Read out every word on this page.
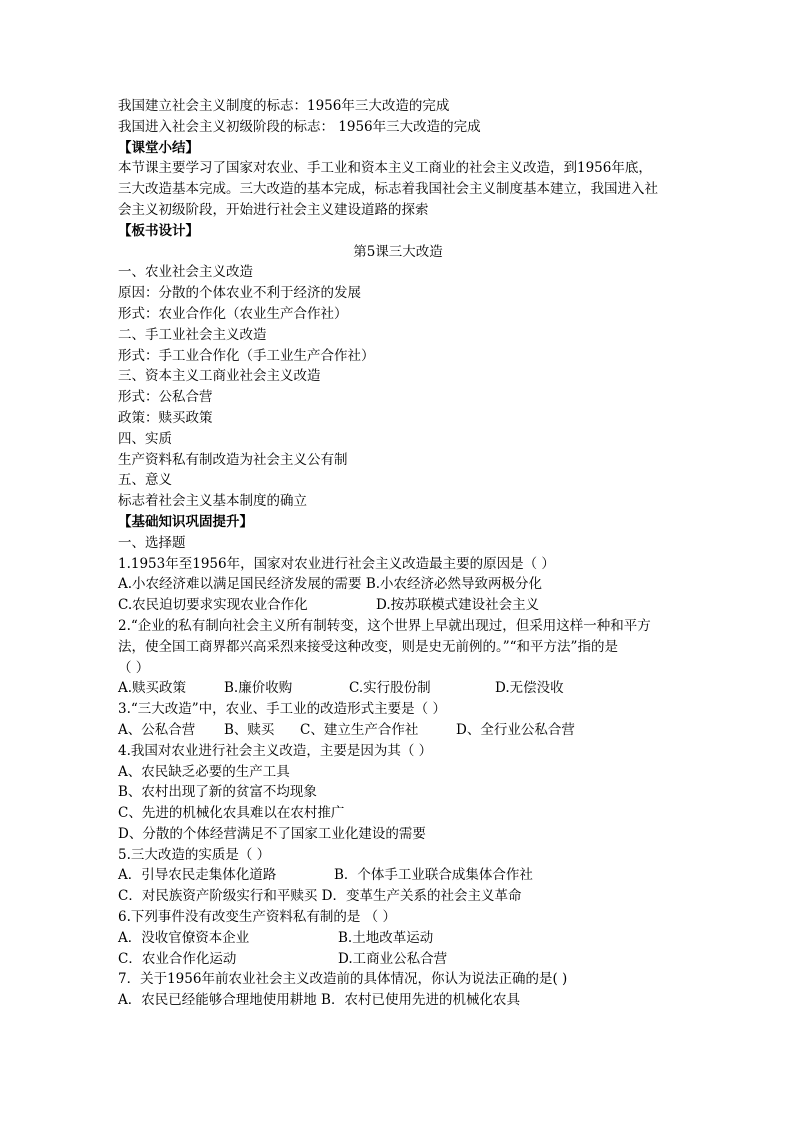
我国建立社会主义制度的标志：1956年三大改造的完成
我国进入社会主义初级阶段的标志： 1956年三大改造的完成
【课堂小结】
本节课主要学习了国家对农业、手工业和资本主义工商业的社会主义改造，到1956年底，
三大改造基本完成。三大改造的基本完成，标志着我国社会主义制度基本建立，我国进入社
会主义初级阶段，开始进行社会主义建设道路的探索
【板书设计】
第5课三大改造
一、农业社会主义改造
原因：分散的个体农业不利于经济的发展
形式：农业合作化（农业生产合作社）
二、手工业社会主义改造
形式：手工业合作化（手工业生产合作社）
三、资本主义工商业社会主义改造
形式：公私合营
政策：赎买政策
四、实质
生产资料私有制改造为社会主义公有制
五、意义
标志着社会主义基本制度的确立
【基础知识巩固提升】
一、选择题
1.1953年至1956年，国家对农业进行社会主义改造最主要的原因是（ ）
A.小农经济难以满足国民经济发展的需要 B.小农经济必然导致两极分化
C.农民迫切要求实现农业合作化	D.按苏联模式建设社会主义
2.“企业的私有制向社会主义所有制转变，这个世界上早就出现过，但采用这样一种和平方
法，使全国工商界都兴高采烈来接受这种改变，则是史无前例的。”“和平方法”指的是
（ ）
A.赎买政策	B.廉价收购	C.实行股份制	D.无偿没收
3.“三大改造”中，农业、手工业的改造形式主要是（ ）
A、公私合营	B、赎买	C、建立生产合作社	D、全行业公私合营
4.我国对农业进行社会主义改造，主要是因为其（ ）
A、农民缺乏必要的生产工具
B、农村出现了新的贫富不均现象
C、先进的机械化农具难以在农村推广
D、分散的个体经营满足不了国家工业化建设的需要
5.三大改造的实质是（ ）
A．引导农民走集体化道路	B．个体手工业联合成集体合作社
C．对民族资产阶级实行和平赎买 D．变革生产关系的社会主义革命
6.下列事件没有改变生产资料私有制的是 （ ）
A．没收官僚资本企业	B.土地改革运动
C．农业合作化运动	D.工商业公私合营
7．关于1956年前农业社会主义改造前的具体情况，你认为说法正确的是( )
A．农民已经能够合理地使用耕地 B．农村已使用先进的机械化农具
